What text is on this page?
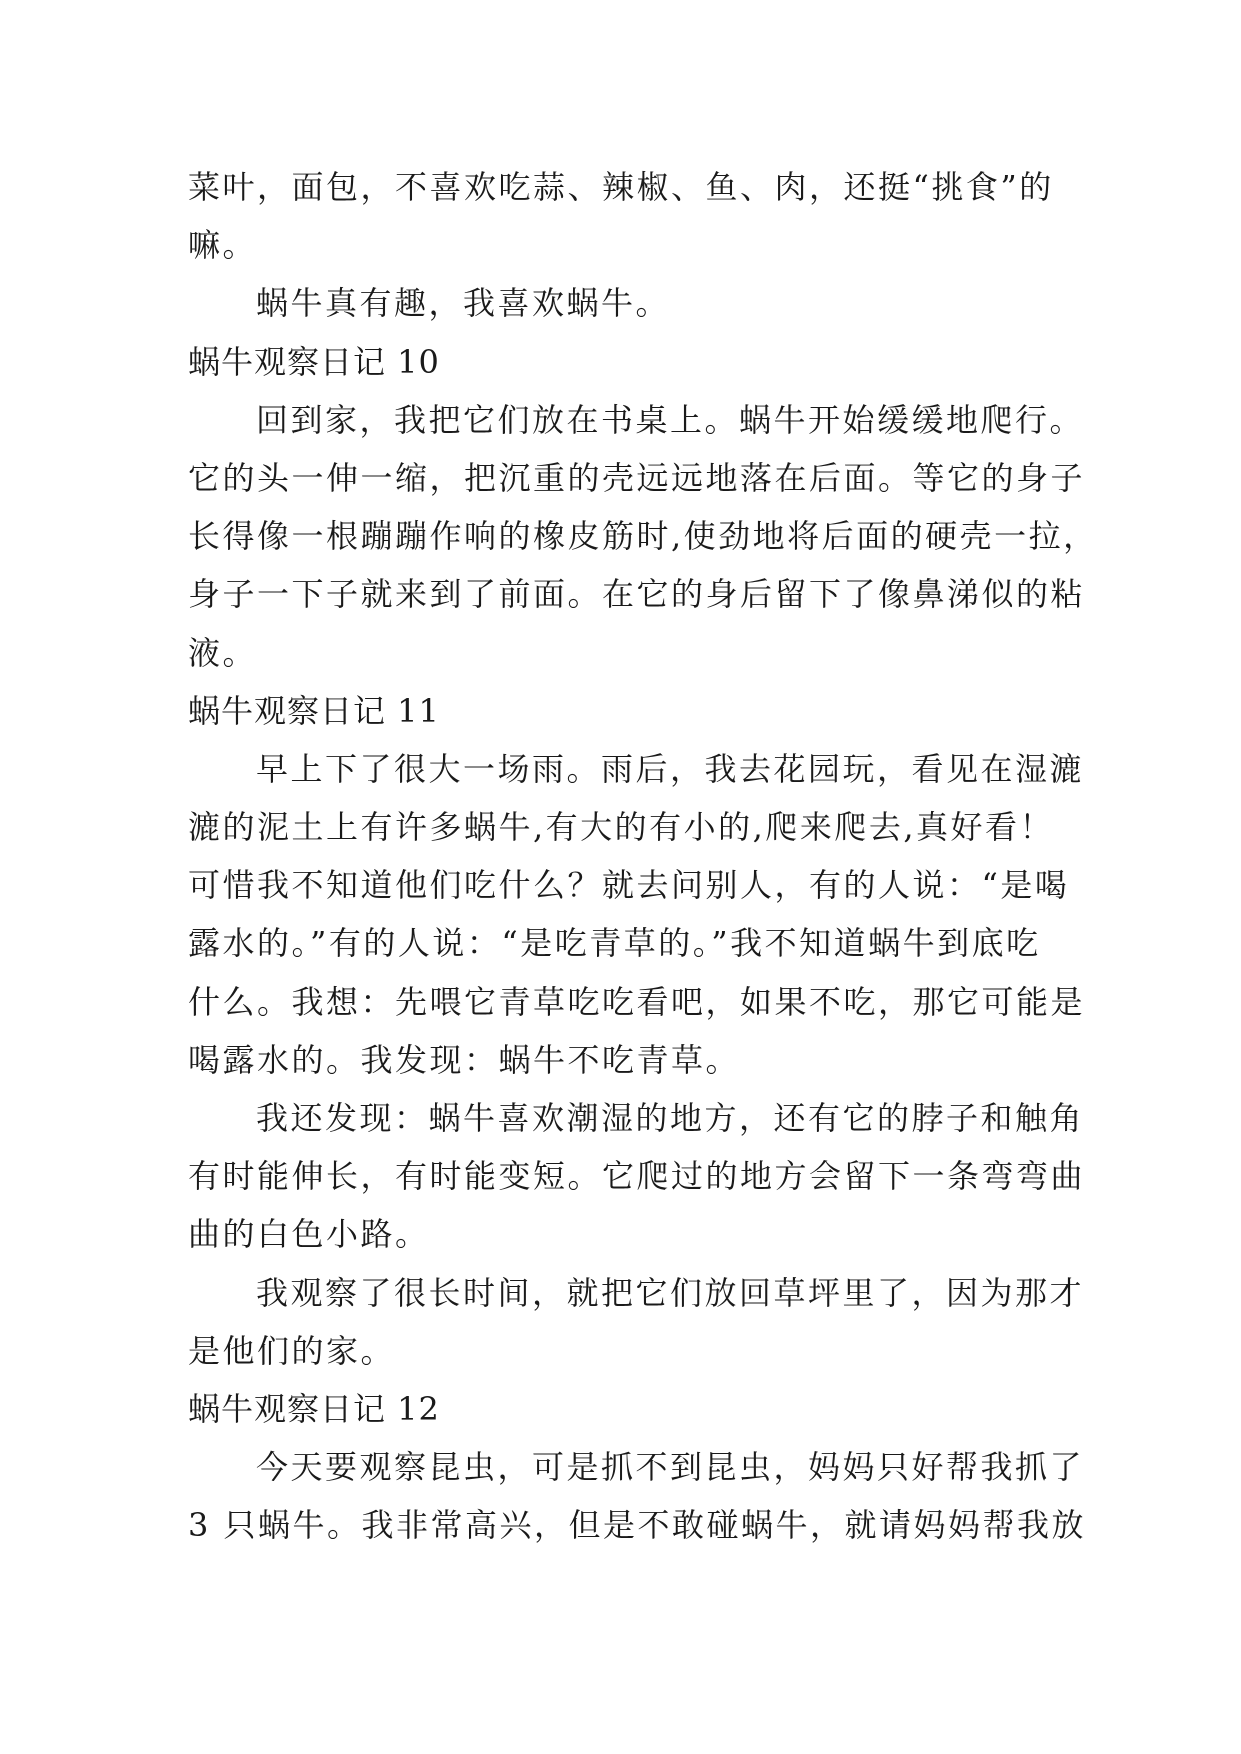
菜叶，面包，不喜欢吃蒜、辣椒、鱼、肉，还挺“挑食”的
嘛。
蜗牛真有趣，我喜欢蜗牛。
蜗牛观察日记 10
回到家，我把它们放在书桌上。蜗牛开始缓缓地爬行。
它的头一伸一缩，把沉重的壳远远地落在后面。等它的身子
长得像一根蹦蹦作响的橡皮筋时,使劲地将后面的硬壳一拉，
身子一下子就来到了前面。在它的身后留下了像鼻涕似的粘
液。
蜗牛观察日记 11
早上下了很大一场雨。雨后，我去花园玩，看见在湿漉
漉的泥土上有许多蜗牛,有大的有小的,爬来爬去,真好看！
可惜我不知道他们吃什么？就去问别人，有的人说：“是喝
露水的。”有的人说：“是吃青草的。”我不知道蜗牛到底吃
什么。我想：先喂它青草吃吃看吧，如果不吃，那它可能是
喝露水的。我发现：蜗牛不吃青草。
我还发现：蜗牛喜欢潮湿的地方，还有它的脖子和触角
有时能伸长，有时能变短。它爬过的地方会留下一条弯弯曲
曲的白色小路。
我观察了很长时间，就把它们放回草坪里了，因为那才
是他们的家。
蜗牛观察日记 12
今天要观察昆虫，可是抓不到昆虫，妈妈只好帮我抓了
3 只蜗牛。我非常高兴，但是不敢碰蜗牛，就请妈妈帮我放
